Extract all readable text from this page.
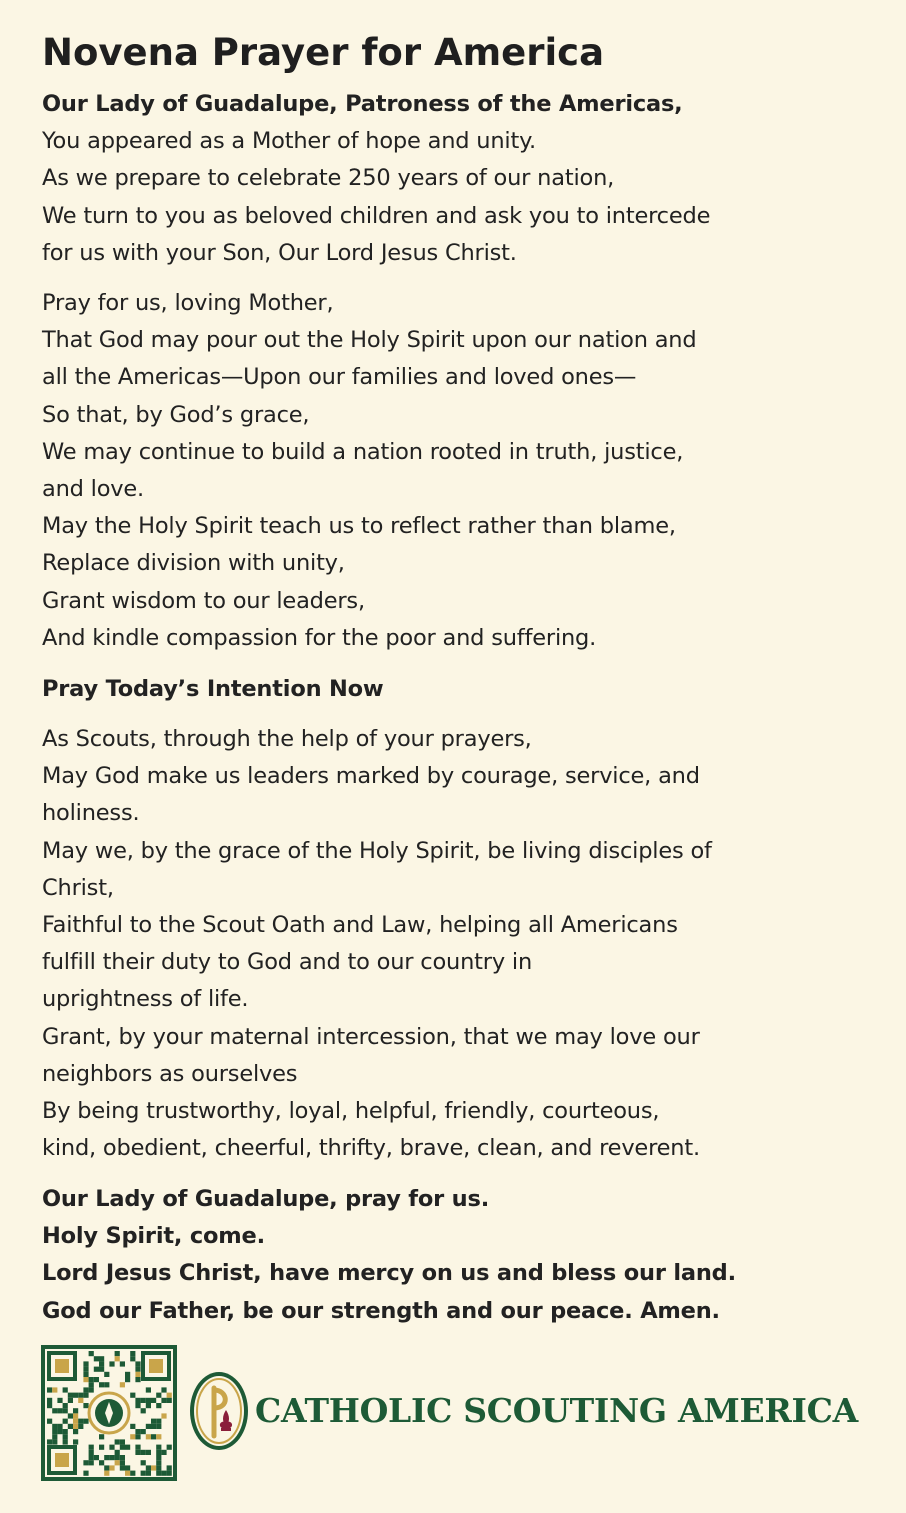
Novena Prayer for America
Our Lady of Guadalupe, Patroness of the Americas,
You appeared as a Mother of hope and unity.
As we prepare to celebrate 250 years of our nation,
We turn to you as beloved children and ask you to intercede
for us with your Son, Our Lord Jesus Christ.
Pray for us, loving Mother,
That God may pour out the Holy Spirit upon our nation and
all the Americas—Upon our families and loved ones—
So that, by God’s grace,
We may continue to build a nation rooted in truth, justice,
and love.
May the Holy Spirit teach us to reflect rather than blame,
Replace division with unity,
Grant wisdom to our leaders,
And kindle compassion for the poor and suffering.
Pray Today’s Intention Now
As Scouts, through the help of your prayers,
May God make us leaders marked by courage, service, and
holiness.
May we, by the grace of the Holy Spirit, be living disciples of
Christ,
Faithful to the Scout Oath and Law, helping all Americans
fulfill their duty to God and to our country in
uprightness of life.
Grant, by your maternal intercession, that we may love our
neighbors as ourselves
By being trustworthy, loyal, helpful, friendly, courteous,
kind, obedient, cheerful, thrifty, brave, clean, and reverent.
Our Lady of Guadalupe, pray for us.
Holy Spirit, come.
Lord Jesus Christ, have mercy on us and bless our land.
God our Father, be our strength and our peace. Amen.
CATHOLIC SCOUTING AMERICA
